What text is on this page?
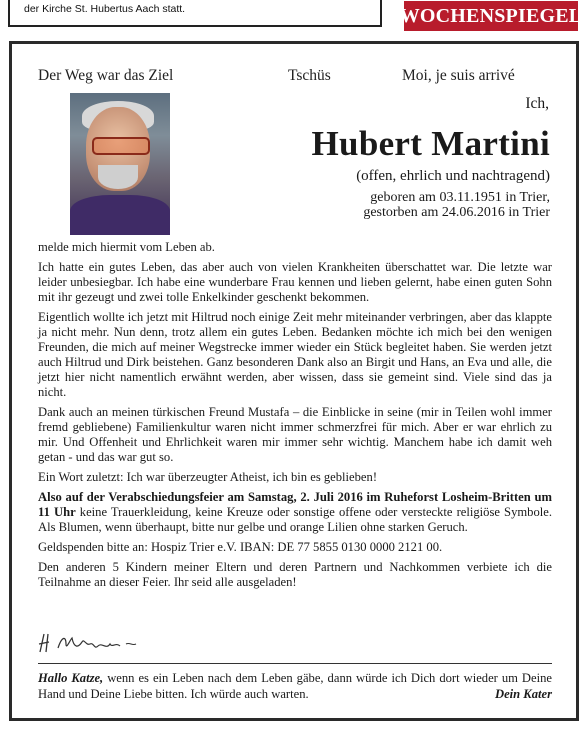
der Kirche St. Hubertus Aach statt.	WOCHENSPIEGEL
Der Weg war das Ziel	Tschüs	Moi, je suis arrivé
Ich,
Hubert Martini
(offen, ehrlich und nachtragend)
geboren am 03.11.1951 in Trier,
gestorben am 24.06.2016 in Trier

melde mich hiermit vom Leben ab.

Ich hatte ein gutes Leben, das aber auch von vielen Krankheiten überschattet war. Die letzte war leider unbesiegbar. Ich habe eine wunderbare Frau kennen und lieben gelernt, habe einen guten Sohn mit ihr gezeugt und zwei tolle Enkelkinder geschenkt bekommen.

Eigentlich wollte ich jetzt mit Hiltrud noch einige Zeit mehr miteinander verbringen, aber das klappte ja nicht mehr. Nun denn, trotz allem ein gutes Leben. Bedanken möchte ich mich bei den wenigen Freunden, die mich auf meiner Wegstrecke immer wieder ein Stück begleitet haben. Sie werden jetzt auch Hiltrud und Dirk beistehen. Ganz besonderen Dank also an Birgit und Hans, an Eva und alle, die jetzt hier nicht namentlich erwähnt werden, aber wissen, dass sie gemeint sind. Viele sind das ja nicht.

Dank auch an meinen türkischen Freund Mustafa – die Einblicke in seine (mir in Teilen wohl immer fremd gebliebene) Familienkultur waren nicht immer schmerzfrei für mich. Aber er war ehrlich zu mir. Und Offenheit und Ehrlichkeit waren mir immer sehr wichtig. Manchem habe ich damit weh getan - und das war gut so.

Ein Wort zuletzt: Ich war überzeugter Atheist, ich bin es geblieben!

Also auf der Verabschiedungsfeier am Samstag, 2. Juli 2016 im Ruheforst Losheim-Britten um 11 Uhr keine Trauerkleidung, keine Kreuze oder sonstige offene oder versteckte religiöse Symbole. Als Blumen, wenn überhaupt, bitte nur gelbe und orange Lilien ohne starken Geruch.

Geldspenden bitte an: Hospiz Trier e.V. IBAN: DE 77 5855 0130 0000 2121 00.

Den anderen 5 Kindern meiner Eltern und deren Partnern und Nachkommen verbiete ich die Teilnahme an dieser Feier. Ihr seid alle ausgeladen!

Hallo Katze, wenn es ein Leben nach dem Leben gäbe, dann würde ich Dich dort wieder um Deine Hand und Deine Liebe bitten. Ich würde auch warten.	Dein Kater
